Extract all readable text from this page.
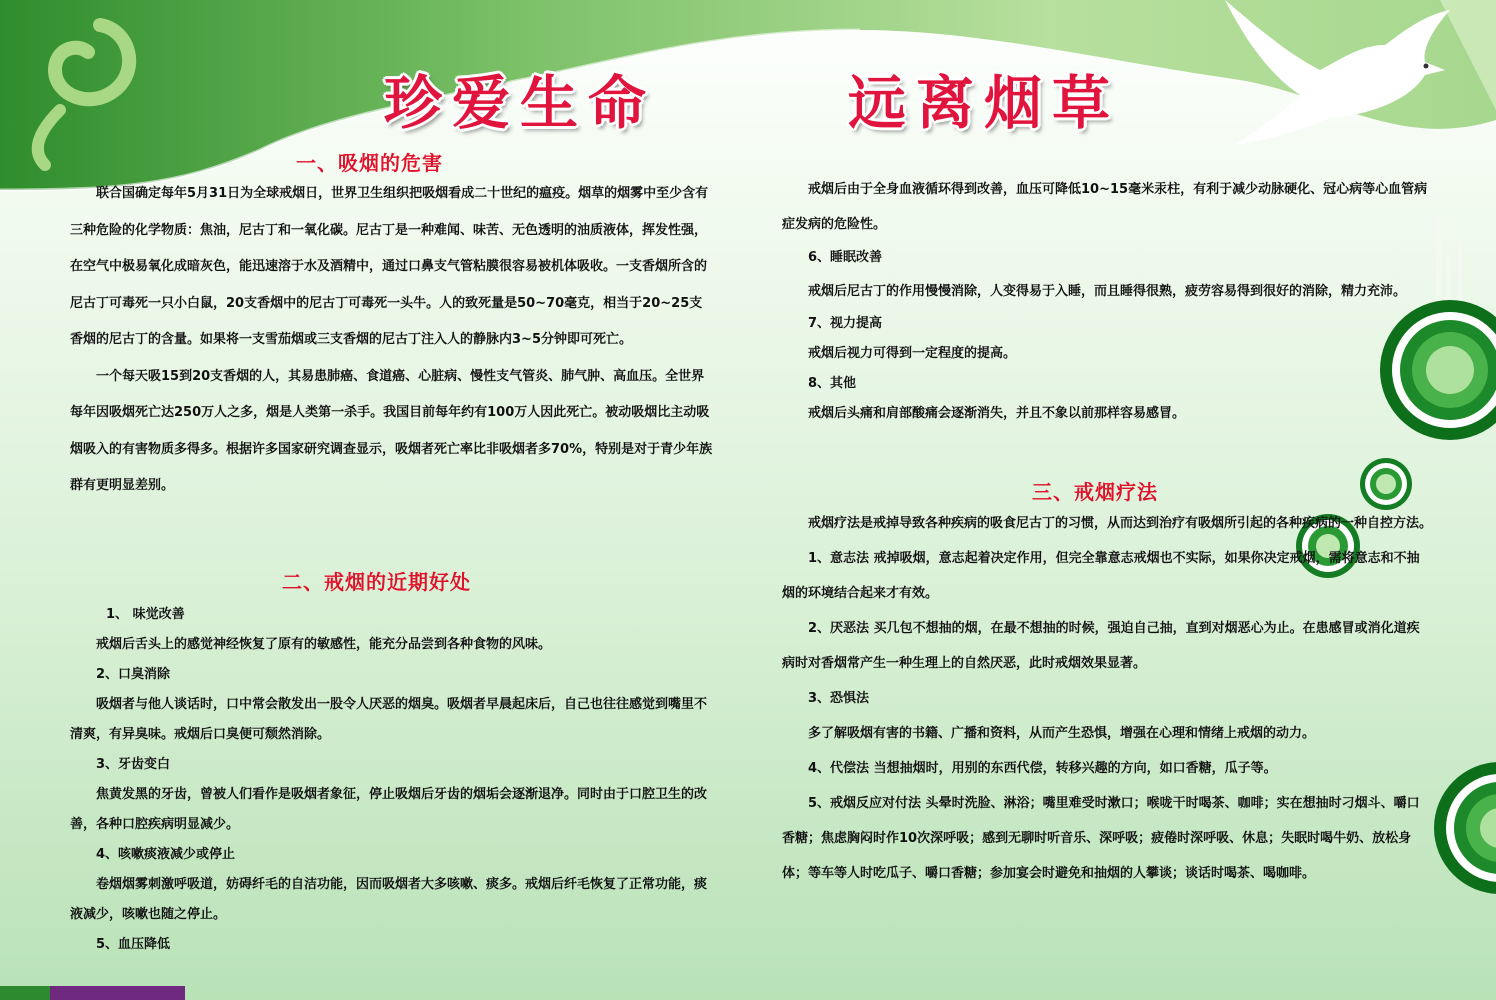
珍爱生命	远离烟草
一、吸烟的危害

联合国确定每年5月31日为全球戒烟日，世界卫生组织把吸烟看成二十世纪的瘟疫。烟草的烟雾中至少含有三种危险的化学物质：焦油，尼古丁和一氧化碳。尼古丁是一种难闻、味苦、无色透明的油质液体，挥发性强，在空气中极易氧化成暗灰色，能迅速溶于水及酒精中，通过口鼻支气管粘膜很容易被机体吸收。一支香烟所含的尼古丁可毒死一只小白鼠，20支香烟中的尼古丁可毒死一头牛。人的致死量是50~70毫克，相当于20~25支香烟的尼古丁的含量。如果将一支雪茄烟或三支香烟的尼古丁注入人的静脉内3~5分钟即可死亡。

一个每天吸15到20支香烟的人，其易患肺癌、食道癌、心脏病、慢性支气管炎、肺气肿、高血压。全世界每年因吸烟死亡达250万人之多，烟是人类第一杀手。我国目前每年约有100万人因此死亡。被动吸烟比主动吸烟吸入的有害物质多得多。根据许多国家研究调查显示，吸烟者死亡率比非吸烟者多70%，特别是对于青少年族群有更明显差别。

二、戒烟的近期好处

1、 味觉改善

戒烟后舌头上的感觉神经恢复了原有的敏感性，能充分品尝到各种食物的风味。

2、口臭消除

吸烟者与他人谈话时，口中常会散发出一股令人厌恶的烟臭。吸烟者早晨起床后，自己也往往感觉到嘴里不清爽，有异臭味。戒烟后口臭便可颓然消除。

3、牙齿变白

焦黄发黑的牙齿，曾被人们看作是吸烟者象征，停止吸烟后牙齿的烟垢会逐渐退净。同时由于口腔卫生的改善，各种口腔疾病明显减少。

4、咳嗽痰液减少或停止

卷烟烟雾刺激呼吸道，妨碍纤毛的自洁功能，因而吸烟者大多咳嗽、痰多。戒烟后纤毛恢复了正常功能，痰液减少，咳嗽也随之停止。

5、血压降低

戒烟后由于全身血液循环得到改善，血压可降低10~15毫米汞柱，有利于减少动脉硬化、冠心病等心血管病症发病的危险性。

6、睡眠改善

戒烟后尼古丁的作用慢慢消除，人变得易于入睡，而且睡得很熟，疲劳容易得到很好的消除，精力充沛。

7、视力提高

戒烟后视力可得到一定程度的提高。

8、其他

戒烟后头痛和肩部酸痛会逐渐消失，并且不象以前那样容易感冒。

三、戒烟疗法

戒烟疗法是戒掉导致各种疾病的吸食尼古丁的习惯，从而达到治疗有吸烟所引起的各种疾病的一种自控方法。

1、意志法 戒掉吸烟，意志起着决定作用，但完全靠意志戒烟也不实际，如果你决定戒烟，需将意志和不抽烟的环境结合起来才有效。

2、厌恶法 买几包不想抽的烟，在最不想抽的时候，强迫自己抽，直到对烟恶心为止。在患感冒或消化道疾病时对香烟常产生一种生理上的自然厌恶，此时戒烟效果显著。

3、恐惧法

多了解吸烟有害的书籍、广播和资料，从而产生恐惧，增强在心理和情绪上戒烟的动力。

4、代偿法 当想抽烟时，用别的东西代偿，转移兴趣的方向，如口香糖，瓜子等。

5、戒烟反应对付法 头晕时洗脸、淋浴；嘴里难受时漱口；喉咙干时喝茶、咖啡；实在想抽时刁烟斗、嚼口香糖；焦虑胸闷时作10次深呼吸；感到无聊时听音乐、深呼吸；疲倦时深呼吸、休息；失眠时喝牛奶、放松身体；等车等人时吃瓜子、嚼口香糖；参加宴会时避免和抽烟的人攀谈；谈话时喝茶、喝咖啡。
